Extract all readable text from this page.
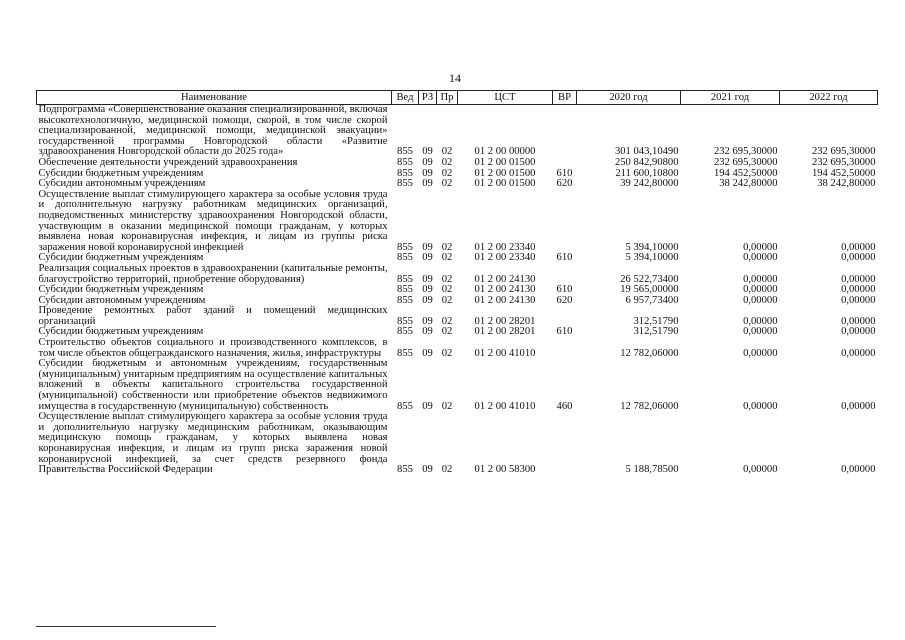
14
Наименование	Вед	РЗ	Пр	ЦСТ	ВР	2020 год	2021 год	2022 год
Подпрограмма «Совершенствование оказания специализированной, включая высокотехнологичную, медицинской помощи, скорой, в том числе скорой специализированной, медицинской помощи, медицинской эвакуации» государственной программы Новгородской области «Развитие здравоохранения Новгородской области до 2025 года»	855	09	02	01 2 00 00000		301 043,10490	232 695,30000	232 695,30000
Обеспечение деятельности учреждений здравоохранения	855	09	02	01 2 00 01500		250 842,90800	232 695,30000	232 695,30000
Субсидии бюджетным учреждениям	855	09	02	01 2 00 01500	610	211 600,10800	194 452,50000	194 452,50000
Субсидии автономным учреждениям	855	09	02	01 2 00 01500	620	39 242,80000	38 242,80000	38 242,80000
Осуществление выплат стимулирующего характера за особые условия труда и дополнительную нагрузку работникам медицинских организаций, подведомственных министерству здравоохранения Новгородской области, участвующим в оказании медицинской помощи гражданам, у которых выявлена новая коронавирусная инфекция, и лицам из группы риска заражения новой коронавирусной инфекцией	855	09	02	01 2 00 23340		5 394,10000	0,00000	0,00000
Субсидии бюджетным учреждениям	855	09	02	01 2 00 23340	610	5 394,10000	0,00000	0,00000
Реализация социальных проектов в здравоохранении (капитальные ремонты, благоустройство территорий, приобретение оборудования)	855	09	02	01 2 00 24130		26 522,73400	0,00000	0,00000
Субсидии бюджетным учреждениям	855	09	02	01 2 00 24130	610	19 565,00000	0,00000	0,00000
Субсидии автономным учреждениям	855	09	02	01 2 00 24130	620	6 957,73400	0,00000	0,00000
Проведение ремонтных работ зданий и помещений медицинских организаций	855	09	02	01 2 00 28201		312,51790	0,00000	0,00000
Субсидии бюджетным учреждениям	855	09	02	01 2 00 28201	610	312,51790	0,00000	0,00000
Строительство объектов социального и производственного комплексов, в том числе объектов общегражданского назначения, жилья, инфраструктуры	855	09	02	01 2 00 41010		12 782,06000	0,00000	0,00000
Субсидии бюджетным и автономным учреждениям, государственным (муниципальным) унитарным предприятиям на осуществление капитальных вложений в объекты капитального строительства государственной (муниципальной) собственности или приобретение объектов недвижимого имущества в государственную (муниципальную) собственность	855	09	02	01 2 00 41010	460	12 782,06000	0,00000	0,00000
Осуществление выплат стимулирующего характера за особые условия труда и дополнительную нагрузку медицинским работникам, оказывающим медицинскую помощь гражданам, у которых выявлена новая коронавирусная инфекция, и лицам из групп риска заражения новой коронавирусной инфекцией, за счет средств резервного фонда Правительства Российской Федерации	855	09	02	01 2 00 58300		5 188,78500	0,00000	0,00000
